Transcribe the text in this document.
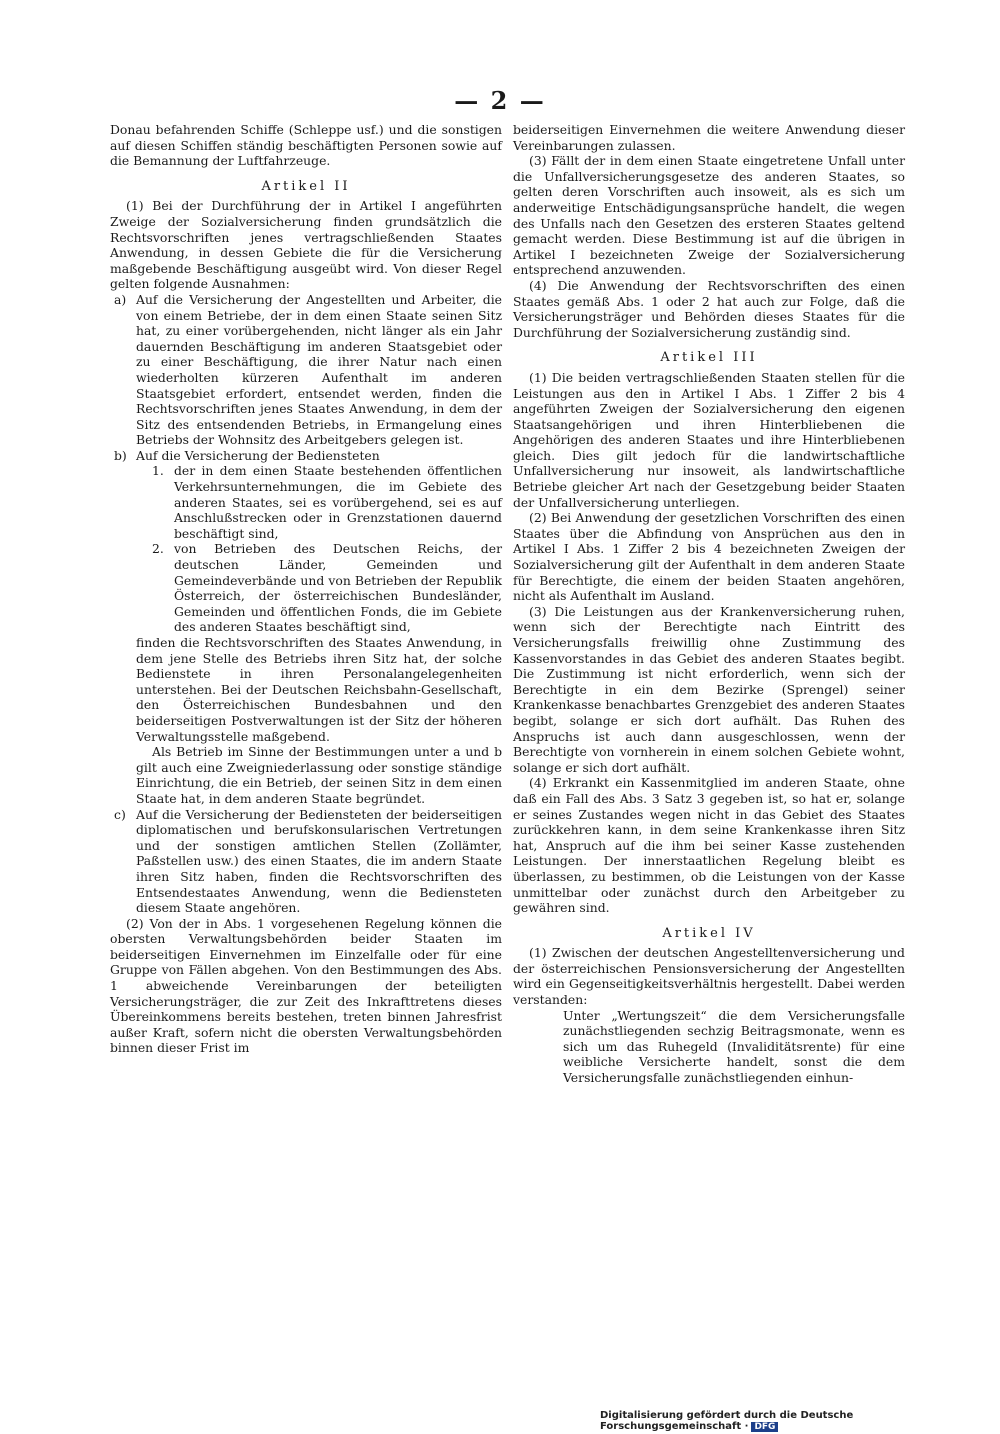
— 2 —

Donau befahrenden Schiffe (Schleppe usf.) und die sonstigen auf diesen Schiffen ständig beschäftigten Personen sowie auf die Bemannung der Luftfahrzeuge.

Artikel II

(1) Bei der Durchführung der in Artikel I angeführten Zweige der Sozialversicherung finden grundsätzlich die Rechtsvorschriften jenes vertragschließenden Staates Anwendung, in dessen Gebiete die für die Versicherung maßgebende Beschäftigung ausgeübt wird. Von dieser Regel gelten folgende Ausnahmen:

a) Auf die Versicherung der Angestellten und Arbeiter, die von einem Betriebe, der in dem einen Staate seinen Sitz hat, zu einer vorübergehenden, nicht länger als ein Jahr dauernden Beschäftigung im anderen Staatsgebiet oder zu einer Beschäftigung, die ihrer Natur nach einen wiederholten kürzeren Aufenthalt im anderen Staatsgebiet erfordert, entsendet werden, finden die Rechtsvorschriften jenes Staates Anwendung, in dem der Sitz des entsendenden Betriebs, in Ermangelung eines Betriebs der Wohnsitz des Arbeitgebers gelegen ist.
b) Auf die Versicherung der Bediensteten
1. der in dem einen Staate bestehenden öffentlichen Verkehrsunternehmungen, die im Gebiete des anderen Staates, sei es vorübergehend, sei es auf Anschlußstrecken oder in Grenzstationen dauernd beschäftigt sind,
2. von Betrieben des Deutschen Reichs, der deutschen Länder, Gemeinden und Gemeindeverbände und von Betrieben der Republik Österreich, der österreichischen Bundesländer, Gemeinden und öffentlichen Fonds, die im Gebiete des anderen Staates beschäftigt sind,

finden die Rechtsvorschriften des Staates Anwendung, in dem jene Stelle des Betriebs ihren Sitz hat, der solche Bedienstete in ihren Personalangelegenheiten unterstehen. Bei der Deutschen Reichsbahn-Gesellschaft, den Österreichischen Bundesbahnen und den beiderseitigen Postverwaltungen ist der Sitz der höheren Verwaltungsstelle maßgebend.

Als Betrieb im Sinne der Bestimmungen unter a und b gilt auch eine Zweigniederlassung oder sonstige ständige Einrichtung, die ein Betrieb, der seinen Sitz in dem einen Staate hat, in dem anderen Staate begründet.

c) Auf die Versicherung der Bediensteten der beiderseitigen diplomatischen und berufskonsularischen Vertretungen und der sonstigen amtlichen Stellen (Zollämter, Paßstellen usw.) des einen Staates, die im andern Staate ihren Sitz haben, finden die Rechtsvorschriften des Entsendestaates Anwendung, wenn die Bediensteten diesem Staate angehören.

(2) Von der in Abs. 1 vorgesehenen Regelung können die obersten Verwaltungsbehörden beider Staaten im beiderseitigen Einvernehmen im Einzelfalle oder für eine Gruppe von Fällen abgehen. Von den Bestimmungen des Abs. 1 abweichende Vereinbarungen der beteiligten Versicherungsträger, die zur Zeit des Inkrafttretens dieses Übereinkommens bereits bestehen, treten binnen Jahresfrist außer Kraft, sofern nicht die obersten Verwaltungsbehörden binnen dieser Frist im

beiderseitigen Einvernehmen die weitere Anwendung dieser Vereinbarungen zulassen.

(3) Fällt der in dem einen Staate eingetretene Unfall unter die Unfallversicherungsgesetze des anderen Staates, so gelten deren Vorschriften auch insoweit, als es sich um anderweitige Entschädigungsansprüche handelt, die wegen des Unfalls nach den Gesetzen des ersteren Staates geltend gemacht werden. Diese Bestimmung ist auf die übrigen in Artikel I bezeichneten Zweige der Sozialversicherung entsprechend anzuwenden.

(4) Die Anwendung der Rechtsvorschriften des einen Staates gemäß Abs. 1 oder 2 hat auch zur Folge, daß die Versicherungsträger und Behörden dieses Staates für die Durchführung der Sozialversicherung zuständig sind.

Artikel III

(1) Die beiden vertragschließenden Staaten stellen für die Leistungen aus den in Artikel I Abs. 1 Ziffer 2 bis 4 angeführten Zweigen der Sozialversicherung den eigenen Staatsangehörigen und ihren Hinterbliebenen die Angehörigen des anderen Staates und ihre Hinterbliebenen gleich. Dies gilt jedoch für die landwirtschaftliche Unfallversicherung nur insoweit, als landwirtschaftliche Betriebe gleicher Art nach der Gesetzgebung beider Staaten der Unfallversicherung unterliegen.

(2) Bei Anwendung der gesetzlichen Vorschriften des einen Staates über die Abfindung von Ansprüchen aus den in Artikel I Abs. 1 Ziffer 2 bis 4 bezeichneten Zweigen der Sozialversicherung gilt der Aufenthalt in dem anderen Staate für Berechtigte, die einem der beiden Staaten angehören, nicht als Aufenthalt im Ausland.

(3) Die Leistungen aus der Krankenversicherung ruhen, wenn sich der Berechtigte nach Eintritt des Versicherungsfalls freiwillig ohne Zustimmung des Kassenvorstandes in das Gebiet des anderen Staates begibt. Die Zustimmung ist nicht erforderlich, wenn sich der Berechtigte in ein dem Bezirke (Sprengel) seiner Krankenkasse benachbartes Grenzgebiet des anderen Staates begibt, solange er sich dort aufhält. Das Ruhen des Anspruchs ist auch dann ausgeschlossen, wenn der Berechtigte von vornherein in einem solchen Gebiete wohnt, solange er sich dort aufhält.

(4) Erkrankt ein Kassenmitglied im anderen Staate, ohne daß ein Fall des Abs. 3 Satz 3 gegeben ist, so hat er, solange er seines Zustandes wegen nicht in das Gebiet des Staates zurückkehren kann, in dem seine Krankenkasse ihren Sitz hat, Anspruch auf die ihm bei seiner Kasse zustehenden Leistungen. Der innerstaatlichen Regelung bleibt es überlassen, zu bestimmen, ob die Leistungen von der Kasse unmittelbar oder zunächst durch den Arbeitgeber zu gewähren sind.

Artikel IV

(1) Zwischen der deutschen Angestelltenversicherung und der österreichischen Pensionsversicherung der Angestellten wird ein Gegenseitigkeitsverhältnis hergestellt. Dabei werden verstanden:

Unter „Wertungszeit“ die dem Versicherungsfalle zunächstliegenden sechzig Beitragsmonate, wenn es sich um das Ruhegeld (Invaliditätsrente) für eine weibliche Versicherte handelt, sonst die dem Versicherungsfalle zunächstliegenden einhun-

Digitalisierung gefördert durch die Deutsche Forschungsgemeinschaft · DFG
